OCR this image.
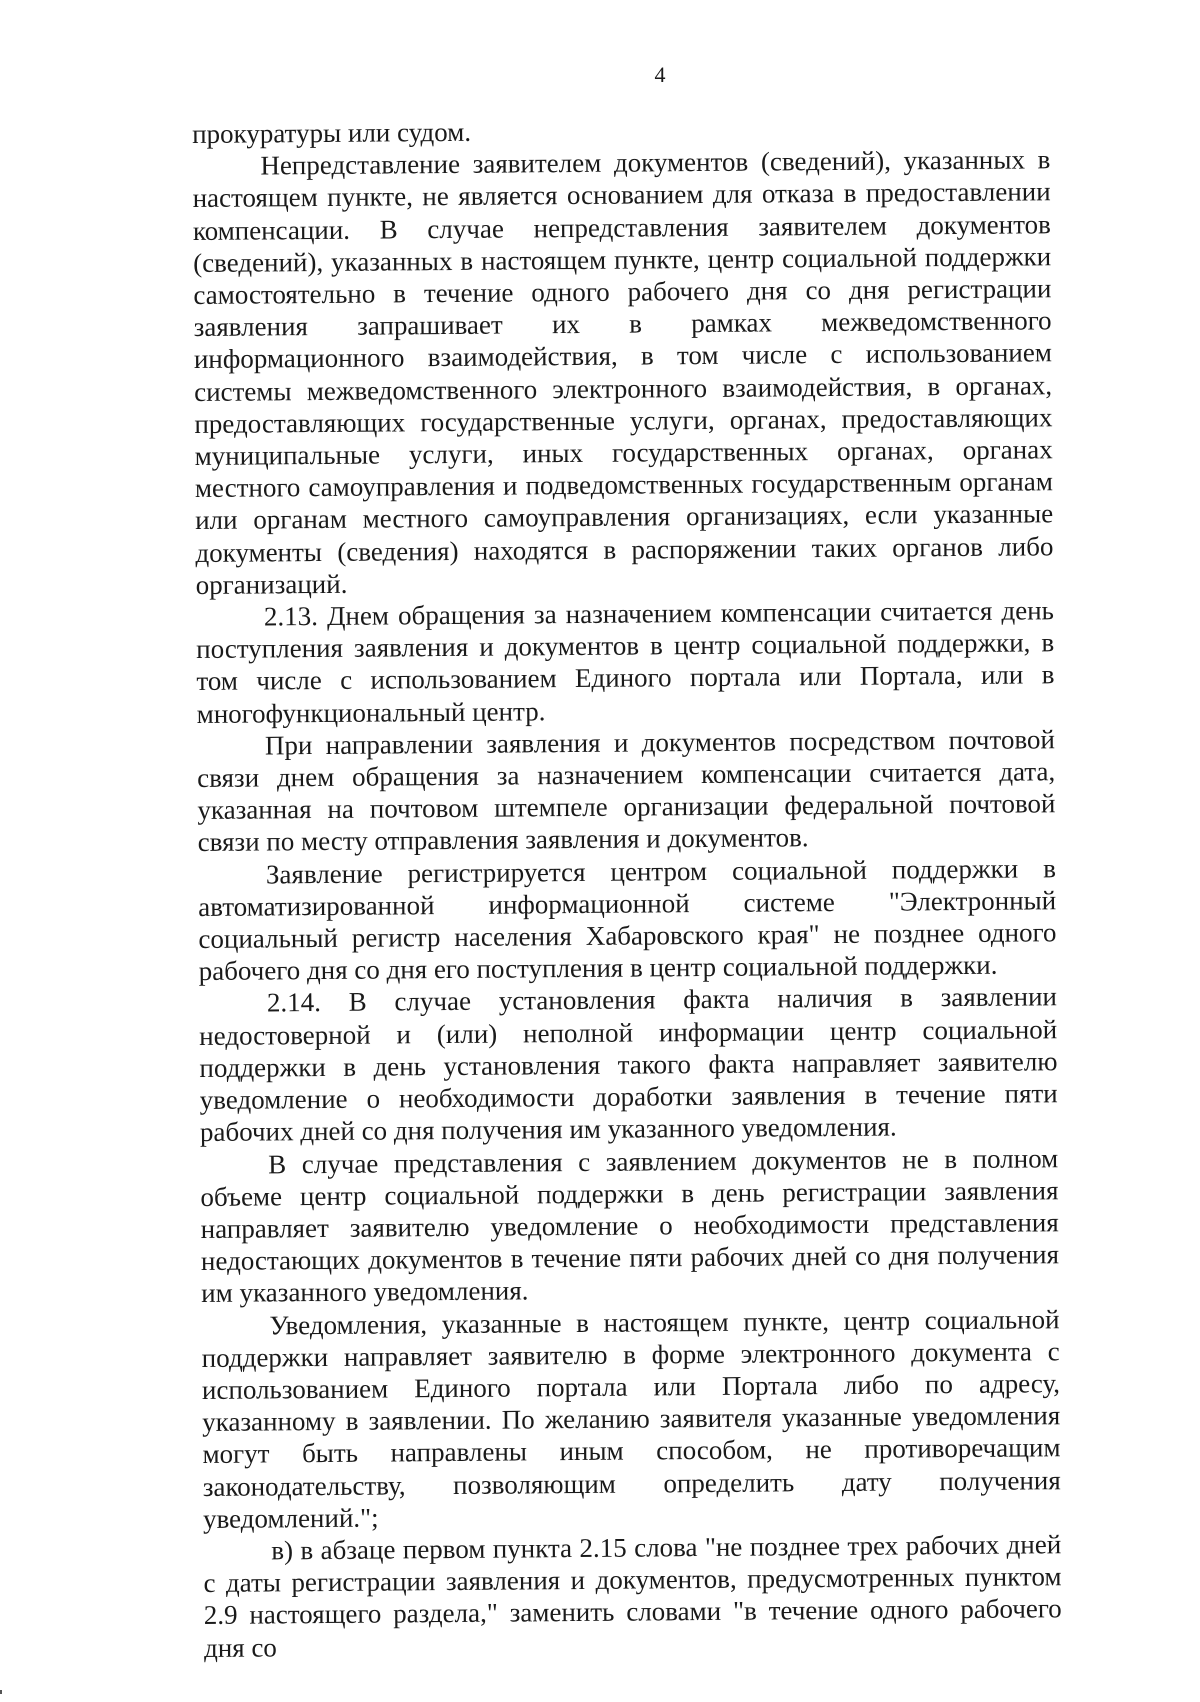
4

прокуратуры или судом.

Непредставление заявителем документов (сведений), указанных в настоящем пункте, не является основанием для отказа в предоставлении компенсации. В случае непредставления заявителем документов (сведений), указанных в настоящем пункте, центр социальной поддержки самостоятельно в течение одного рабочего дня со дня регистрации заявления запрашивает их в рамках межведомственного информационного взаимодействия, в том числе с использованием системы межведомственного электронного взаимодействия, в органах, предоставляющих государственные услуги, органах, предоставляющих муниципальные услуги, иных государственных органах, органах местного самоуправления и подведомственных государственным органам или органам местного самоуправления организациях, если указанные документы (сведения) находятся в распоряжении таких органов либо организаций.

2.13. Днем обращения за назначением компенсации считается день поступления заявления и документов в центр социальной поддержки, в том числе с использованием Единого портала или Портала, или в многофункциональный центр.

При направлении заявления и документов посредством почтовой связи днем обращения за назначением компенсации считается дата, указанная на почтовом штемпеле организации федеральной почтовой связи по месту отправления заявления и документов.

Заявление регистрируется центром социальной поддержки в автоматизированной информационной системе "Электронный социальный регистр населения Хабаровского края" не позднее одного рабочего дня со дня его поступления в центр социальной поддержки.

2.14. В случае установления факта наличия в заявлении недостоверной и (или) неполной информации центр социальной поддержки в день установления такого факта направляет заявителю уведомление о необходимости доработки заявления в течение пяти рабочих дней со дня получения им указанного уведомления.

В случае представления с заявлением документов не в полном объеме центр социальной поддержки в день регистрации заявления направляет заявителю уведомление о необходимости представления недостающих документов в течение пяти рабочих дней со дня получения им указанного уведомления.

Уведомления, указанные в настоящем пункте, центр социальной поддержки направляет заявителю в форме электронного документа с использованием Единого портала или Портала либо по адресу, указанному в заявлении. По желанию заявителя указанные уведомления могут быть направлены иным способом, не противоречащим законодательству, позволяющим определить дату получения уведомлений.";

в) в абзаце первом пункта 2.15 слова "не позднее трех рабочих дней с даты регистрации заявления и документов, предусмотренных пунктом 2.9 настоящего раздела," заменить словами "в течение одного рабочего дня со
